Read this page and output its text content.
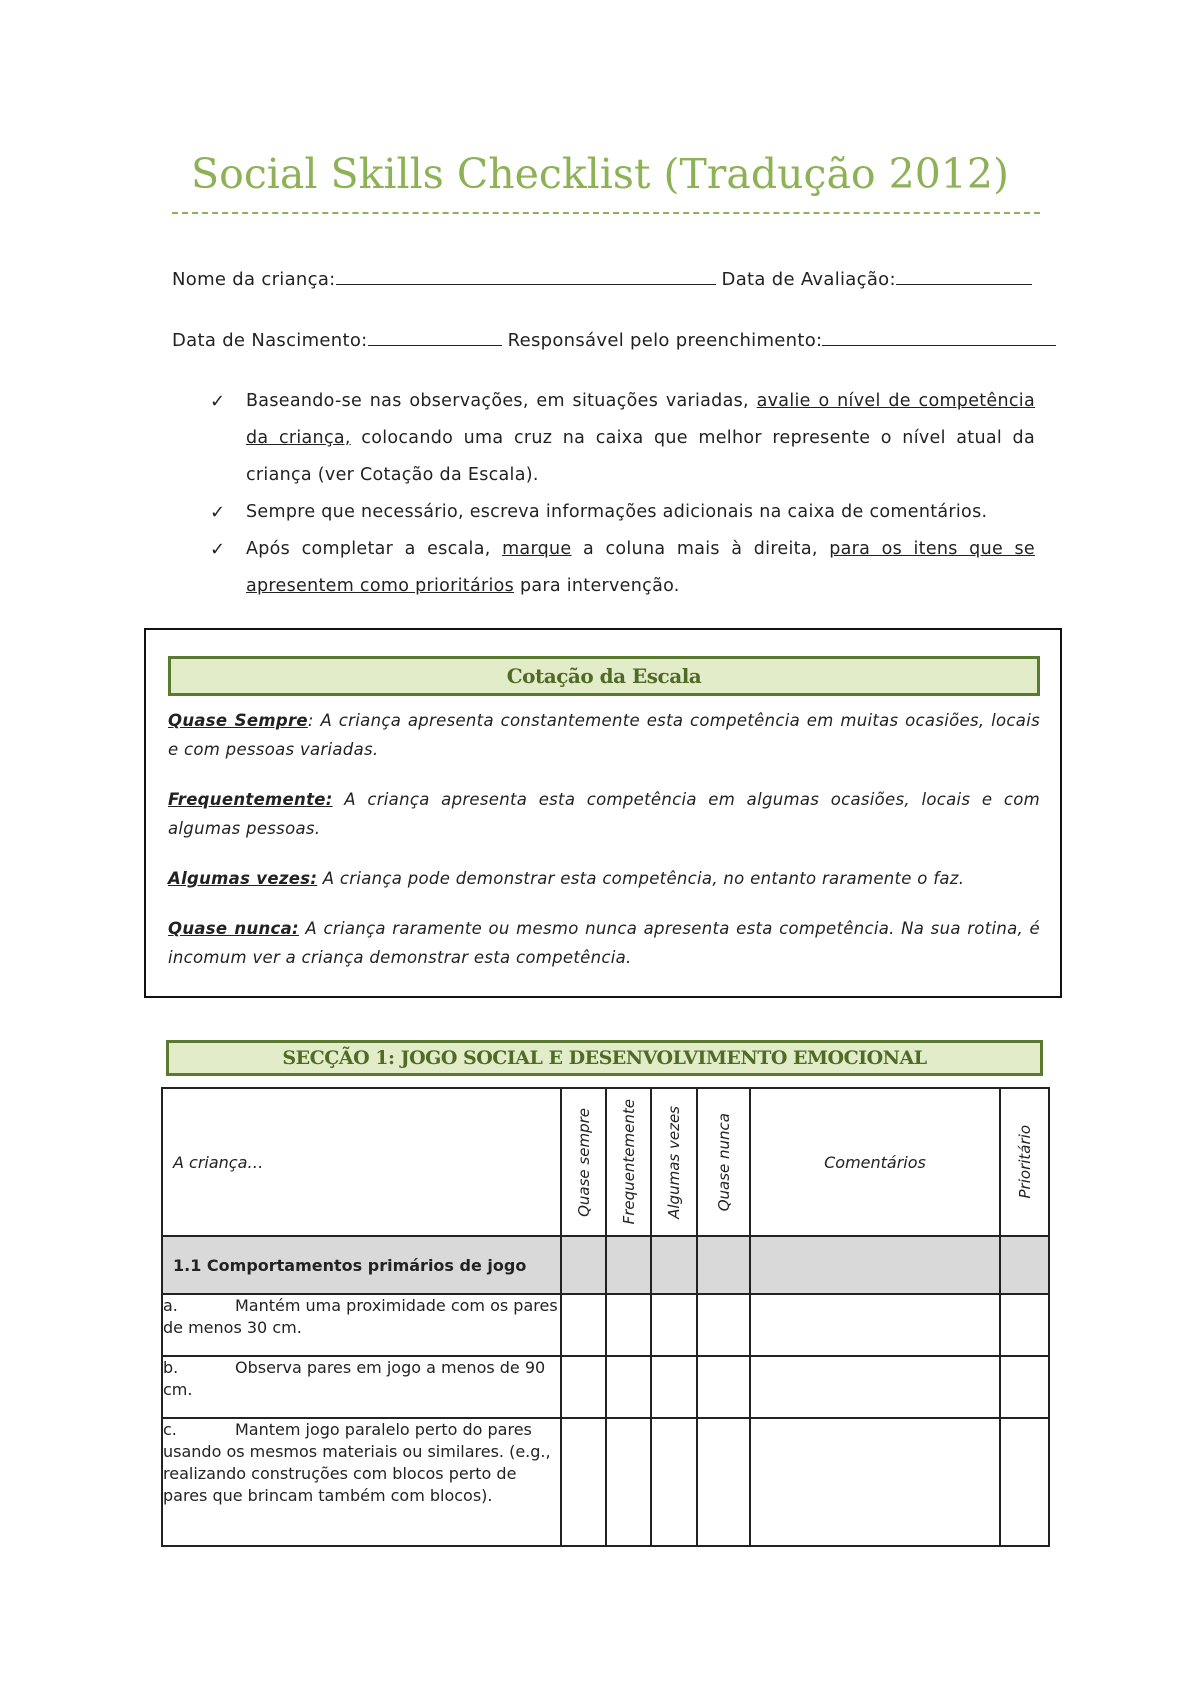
Social Skills Checklist (Tradução 2012)
Nome da criança:	Data de Avaliação:
Data de Nascimento:	Responsável pelo preenchimento:
✓ Baseando-se nas observações, em situações variadas, avalie o nível de competência da criança, colocando uma cruz na caixa que melhor represente o nível atual da criança (ver Cotação da Escala).
✓ Sempre que necessário, escreva informações adicionais na caixa de comentários.
✓ Após completar a escala, marque a coluna mais à direita, para os itens que se apresentem como prioritários para intervenção.
Cotação da Escala
Quase Sempre: A criança apresenta constantemente esta competência em muitas ocasiões, locais e com pessoas variadas.
Frequentemente: A criança apresenta esta competência em algumas ocasiões, locais e com algumas pessoas.
Algumas vezes: A criança pode demonstrar esta competência, no entanto raramente o faz.
Quase nunca: A criança raramente ou mesmo nunca apresenta esta competência. Na sua rotina, é incomum ver a criança demonstrar esta competência.
SECÇÃO 1: JOGO SOCIAL E DESENVOLVIMENTO EMOCIONAL
A criança…	Quase sempre	Frequentemente	Algumas vezes	Quase nunca	Comentários	Prioritário

1.1 Comportamentos primários de jogo						
a. Mantém uma proximidade com os pares de menos 30 cm.						
b. Observa pares em jogo a menos de 90 cm.						
c. Mantem jogo paralelo perto do pares usando os mesmos materiais ou similares. (e.g., realizando construções com blocos perto de pares que brincam também com blocos).						
